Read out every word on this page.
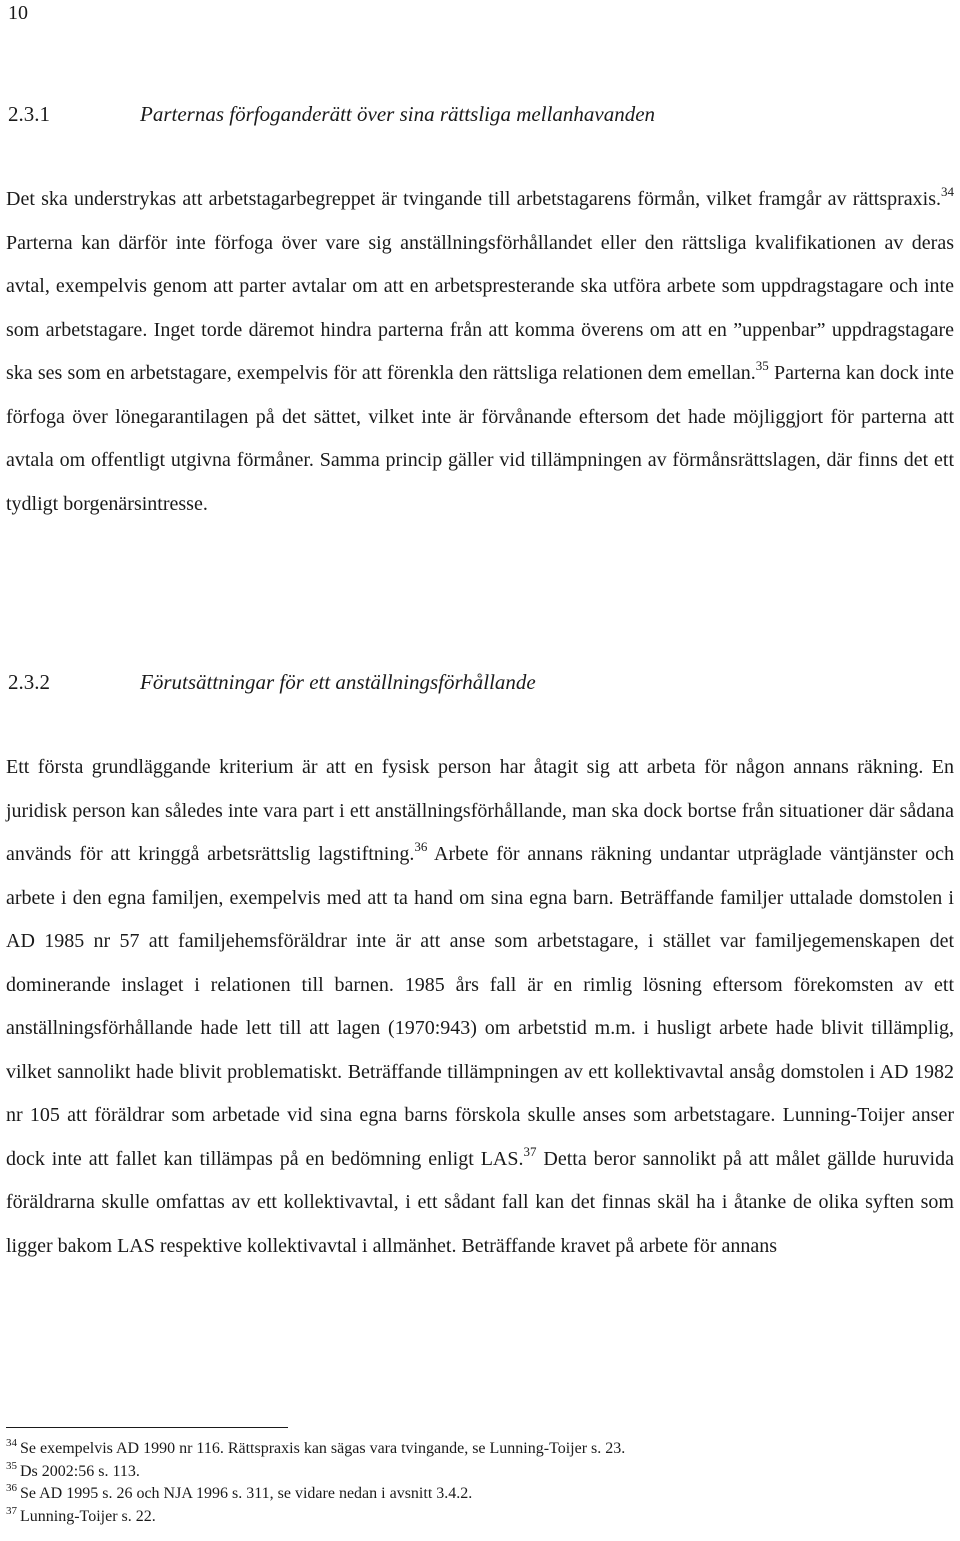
10
2.3.1	Parternas förfoganderätt över sina rättsliga mellanhavanden

Det ska understrykas att arbetstagarbegreppet är tvingande till arbetstagarens förmån, vilket framgår av rättspraxis.$^{34}$ Parterna kan därför inte förfoga över vare sig anställningsförhållandet eller den rättsliga kvalifikationen av deras avtal, exempelvis genom att parter avtalar om att en arbetspresterande ska utföra arbete som uppdragstagare och inte som arbetstagare. Inget torde däremot hindra parterna från att komma överens om att en ”uppenbar” uppdragstagare ska ses som en arbetstagare, exempelvis för att förenkla den rättsliga relationen dem emellan.$^{35}$ Parterna kan dock inte förfoga över lönegarantilagen på det sättet, vilket inte är förvånande eftersom det hade möjliggjort för parterna att avtala om offentligt utgivna förmåner. Samma princip gäller vid tillämpningen av förmånsrättslagen, där finns det ett tydligt borgenärsintresse.

2.3.2	Förutsättningar för ett anställningsförhållande

Ett första grundläggande kriterium är att en fysisk person har åtagit sig att arbeta för någon annans räkning. En juridisk person kan således inte vara part i ett anställningsförhållande, man ska dock bortse från situationer där sådana används för att kringgå arbetsrättslig lagstiftning.$^{36}$ Arbete för annans räkning undantar utpräglade väntjänster och arbete i den egna familjen, exempelvis med att ta hand om sina egna barn. Beträffande familjer uttalade domstolen i AD 1985 nr 57 att familjehemsföräldrar inte är att anse som arbetstagare, i stället var familjegemenskapen det dominerande inslaget i relationen till barnen. 1985 års fall är en rimlig lösning eftersom förekomsten av ett anställningsförhållande hade lett till att lagen (1970:943) om arbetstid m.m. i husligt arbete hade blivit tillämplig, vilket sannolikt hade blivit problematiskt. Beträffande tillämpningen av ett kollektivavtal ansåg domstolen i AD 1982 nr 105 att föräldrar som arbetade vid sina egna barns förskola skulle anses som arbetstagare. Lunning-Toijer anser dock inte att fallet kan tillämpas på en bedömning enligt LAS.$^{37}$ Detta beror sannolikt på att målet gällde huruvida föräldrarna skulle omfattas av ett kollektivavtal, i ett sådant fall kan det finnas skäl ha i åtanke de olika syften som ligger bakom LAS respektive kollektivavtal i allmänhet. Beträffande kravet på arbete för annans

$^{34}$ Se exempelvis AD 1990 nr 116. Rättspraxis kan sägas vara tvingande, se Lunning-Toijer s. 23.
$^{35}$ Ds 2002:56 s. 113.
$^{36}$ Se AD 1995 s. 26 och NJA 1996 s. 311, se vidare nedan i avsnitt 3.4.2.
$^{37}$ Lunning-Toijer s. 22.
